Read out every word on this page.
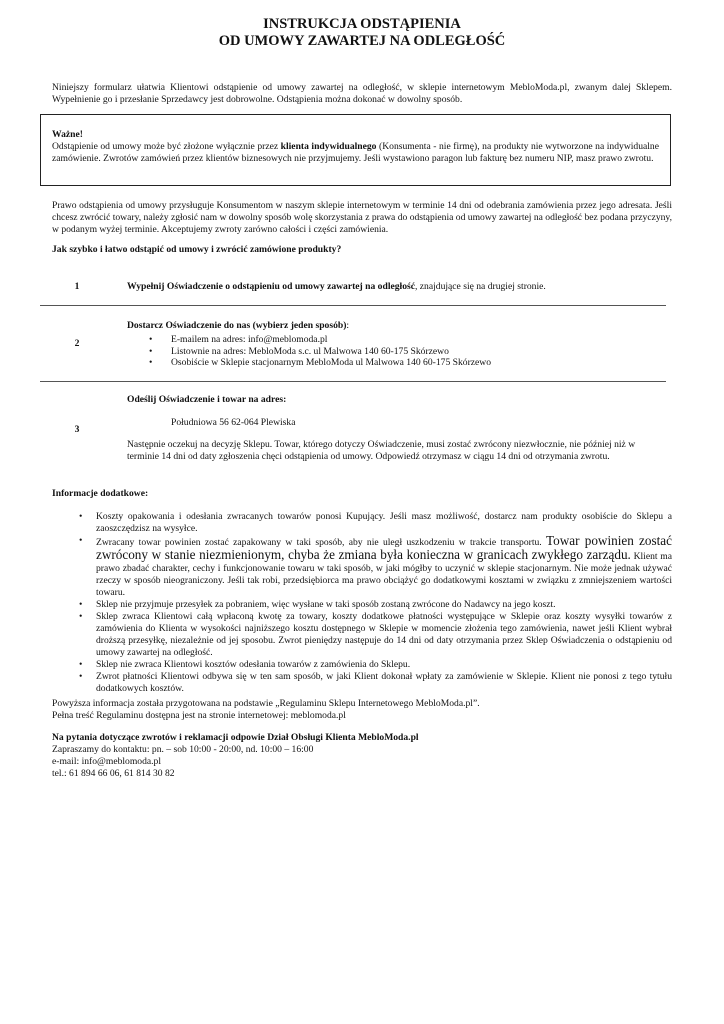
INSTRUKCJA ODSTĄPIENIA
OD UMOWY ZAWARTEJ NA ODLEGŁOŚĆ
Niniejszy formularz ułatwia Klientowi odstąpienie od umowy zawartej na odległość, w sklepie internetowym MebloModa.pl, zwanym dalej Sklepem. Wypełnienie go i przesłanie Sprzedawcy jest dobrowolne. Odstąpienia można dokonać w dowolny sposób.
Ważne!
Odstąpienie od umowy może być złożone wyłącznie przez klienta indywidualnego (Konsumenta - nie firmę), na produkty nie wytworzone na indywidualne zamówienie. Zwrotów zamówień przez klientów biznesowych nie przyjmujemy. Jeśli wystawiono paragon lub fakturę bez numeru NIP, masz prawo zwrotu.
Prawo odstąpienia od umowy przysługuje Konsumentom w naszym sklepie internetowym w terminie 14 dni od odebrania zamówienia przez jego adresata. Jeśli chcesz zwrócić towary, należy zgłosić nam w dowolny sposób wolę skorzystania z prawa do odstąpienia od umowy zawartej na odległość bez podana przyczyny, w podanym wyżej terminie. Akceptujemy zwroty zarówno całości i części zamówienia.
Jak szybko i łatwo odstąpić od umowy i zwrócić zamówione produkty?
1	Wypełnij Oświadczenie o odstąpieniu od umowy zawartej na odległość, znajdujące się na drugiej stronie.
2
Dostarcz Oświadczenie do nas (wybierz jeden sposób):
• E-mailem na adres: info@meblomoda.pl
• Listownie na adres: MebloModa s.c. ul Malwowa 140 60-175 Skórzewo
• Osobiście w Sklepie stacjonarnym MebloModa ul Malwowa 140 60-175 Skórzewo
3
Odeślij Oświadczenie i towar na adres:
Południowa 56 62-064 Plewiska
Następnie oczekuj na decyzję Sklepu. Towar, którego dotyczy Oświadczenie, musi zostać zwrócony niezwłocznie, nie później niż w terminie 14 dni od daty zgłoszenia chęci odstąpienia od umowy. Odpowiedź otrzymasz w ciągu 14 dni od otrzymania zwrotu.
Informacje dodatkowe:
• Koszty opakowania i odesłania zwracanych towarów ponosi Kupujący. Jeśli masz możliwość, dostarcz nam produkty osobiście do Sklepu a zaoszczędzisz na wysyłce.
• Zwracany towar powinien zostać zapakowany w taki sposób, aby nie uległ uszkodzeniu w trakcie transportu. Towar powinien zostać zwrócony w stanie niezmienionym, chyba że zmiana była konieczna w granicach zwykłego zarządu. Klient ma prawo zbadać charakter, cechy i funkcjonowanie towaru w taki sposób, w jaki mógłby to uczynić w sklepie stacjonarnym. Nie może jednak używać rzeczy w sposób nieograniczony. Jeśli tak robi, przedsiębiorca ma prawo obciążyć go dodatkowymi kosztami w związku z zmniejszeniem wartości towaru.
• Sklep nie przyjmuje przesyłek za pobraniem, więc wysłane w taki sposób zostaną zwrócone do Nadawcy na jego koszt.
• Sklep zwraca Klientowi całą wpłaconą kwotę za towary, koszty dodatkowe płatności występujące w Sklepie oraz koszty wysyłki towarów z zamówienia do Klienta w wysokości najniższego kosztu dostępnego w Sklepie w momencie złożenia tego zamówienia, nawet jeśli Klient wybrał droższą przesyłkę, niezależnie od jej sposobu. Zwrot pieniędzy następuje do 14 dni od daty otrzymania przez Sklep Oświadczenia o odstąpieniu od umowy zawartej na odległość.
• Sklep nie zwraca Klientowi kosztów odesłania towarów z zamówienia do Sklepu.
• Zwrot płatności Klientowi odbywa się w ten sam sposób, w jaki Klient dokonał wpłaty za zamówienie w Sklepie. Klient nie ponosi z tego tytułu dodatkowych kosztów.
Powyższa informacja została przygotowana na podstawie „Regulaminu Sklepu Internetowego MebloModa.pl”.
Pełna treść Regulaminu dostępna jest na stronie internetowej: meblomoda.pl
Na pytania dotyczące zwrotów i reklamacji odpowie Dział Obsługi Klienta MebloModa.pl
Zapraszamy do kontaktu: pn. – sob 10:00 - 20:00, nd. 10:00 – 16:00
e-mail: info@meblomoda.pl
tel.: 61 894 66 06, 61 814 30 82
